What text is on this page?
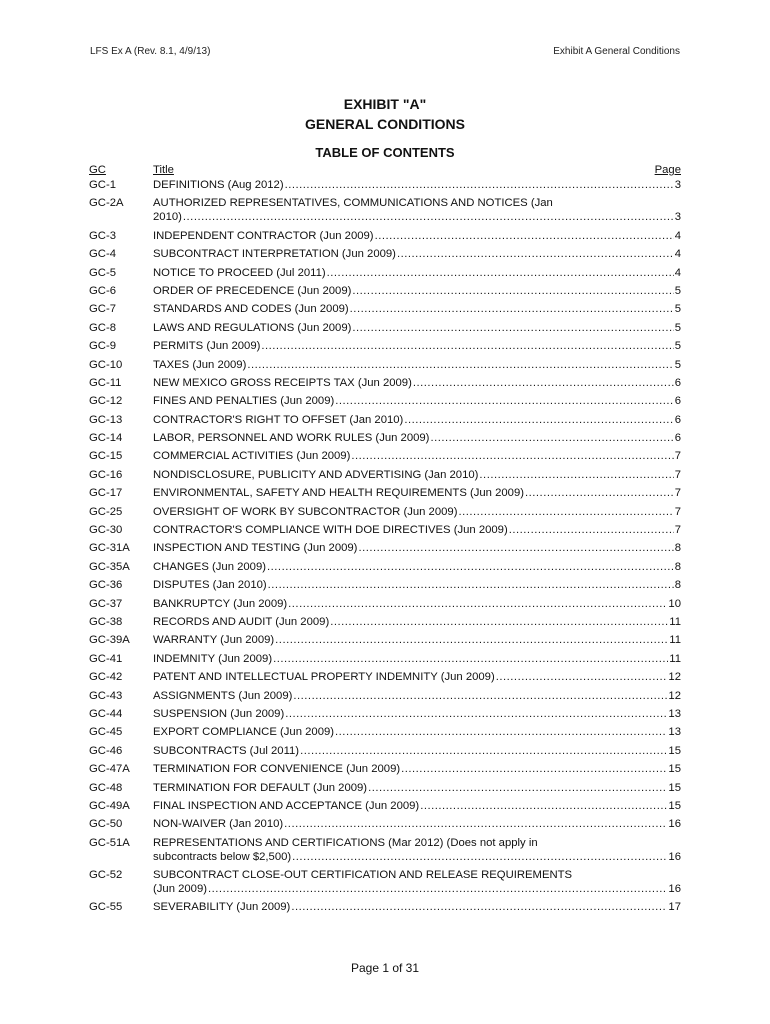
LFS Ex A (Rev. 8.1, 4/9/13)	Exhibit A General Conditions
EXHIBIT "A"
GENERAL CONDITIONS
TABLE OF CONTENTS
GC	Title	Page
GC-1	DEFINITIONS (Aug 2012) .....	3
GC-2A	AUTHORIZED REPRESENTATIVES, COMMUNICATIONS AND NOTICES (Jan
2010) .....	3
GC-3	INDEPENDENT CONTRACTOR (Jun 2009) .....	4
GC-4	SUBCONTRACT INTERPRETATION (Jun 2009) .....	4
GC-5	NOTICE TO PROCEED (Jul 2011) .....	4
GC-6	ORDER OF PRECEDENCE (Jun 2009) .....	5
GC-7	STANDARDS AND CODES (Jun 2009) .....	5
GC-8	LAWS AND REGULATIONS (Jun 2009) .....	5
GC-9	PERMITS (Jun 2009) .....	5
GC-10	TAXES (Jun 2009) .....	5
GC-11	NEW MEXICO GROSS RECEIPTS TAX (Jun 2009) .....	6
GC-12	FINES AND PENALTIES (Jun 2009) .....	6
GC-13	CONTRACTOR'S RIGHT TO OFFSET (Jan 2010) .....	6
GC-14	LABOR, PERSONNEL AND WORK RULES (Jun 2009) .....	6
GC-15	COMMERCIAL ACTIVITIES (Jun 2009) .....	7
GC-16	NONDISCLOSURE, PUBLICITY AND ADVERTISING (Jan 2010) .....	7
GC-17	ENVIRONMENTAL, SAFETY AND HEALTH REQUIREMENTS (Jun 2009) .....	7
GC-25	OVERSIGHT OF WORK BY SUBCONTRACTOR (Jun 2009) .....	7
GC-30	CONTRACTOR'S COMPLIANCE WITH DOE DIRECTIVES (Jun 2009) .....	7
GC-31A	INSPECTION AND TESTING (Jun 2009) .....	8
GC-35A	CHANGES (Jun 2009) .....	8
GC-36	DISPUTES (Jan 2010) .....	8
GC-37	BANKRUPTCY (Jun 2009) .....	10
GC-38	RECORDS AND AUDIT (Jun 2009) .....	11
GC-39A	WARRANTY (Jun 2009) .....	11
GC-41	INDEMNITY (Jun 2009) .....	11
GC-42	PATENT AND INTELLECTUAL PROPERTY INDEMNITY (Jun 2009) .....	12
GC-43	ASSIGNMENTS (Jun 2009) .....	12
GC-44	SUSPENSION (Jun 2009) .....	13
GC-45	EXPORT COMPLIANCE (Jun 2009) .....	13
GC-46	SUBCONTRACTS (Jul 2011) .....	15
GC-47A	TERMINATION FOR CONVENIENCE (Jun 2009) .....	15
GC-48	TERMINATION FOR DEFAULT (Jun 2009) .....	15
GC-49A	FINAL INSPECTION AND ACCEPTANCE (Jun 2009) .....	15
GC-50	NON-WAIVER (Jan 2010) .....	16
GC-51A	REPRESENTATIONS AND CERTIFICATIONS (Mar 2012) (Does not apply in
subcontracts below $2,500) .....	16
GC-52	SUBCONTRACT CLOSE-OUT CERTIFICATION AND RELEASE REQUIREMENTS
(Jun 2009) .....	16
GC-55	SEVERABILITY (Jun 2009) .....	17
Page 1 of 31
